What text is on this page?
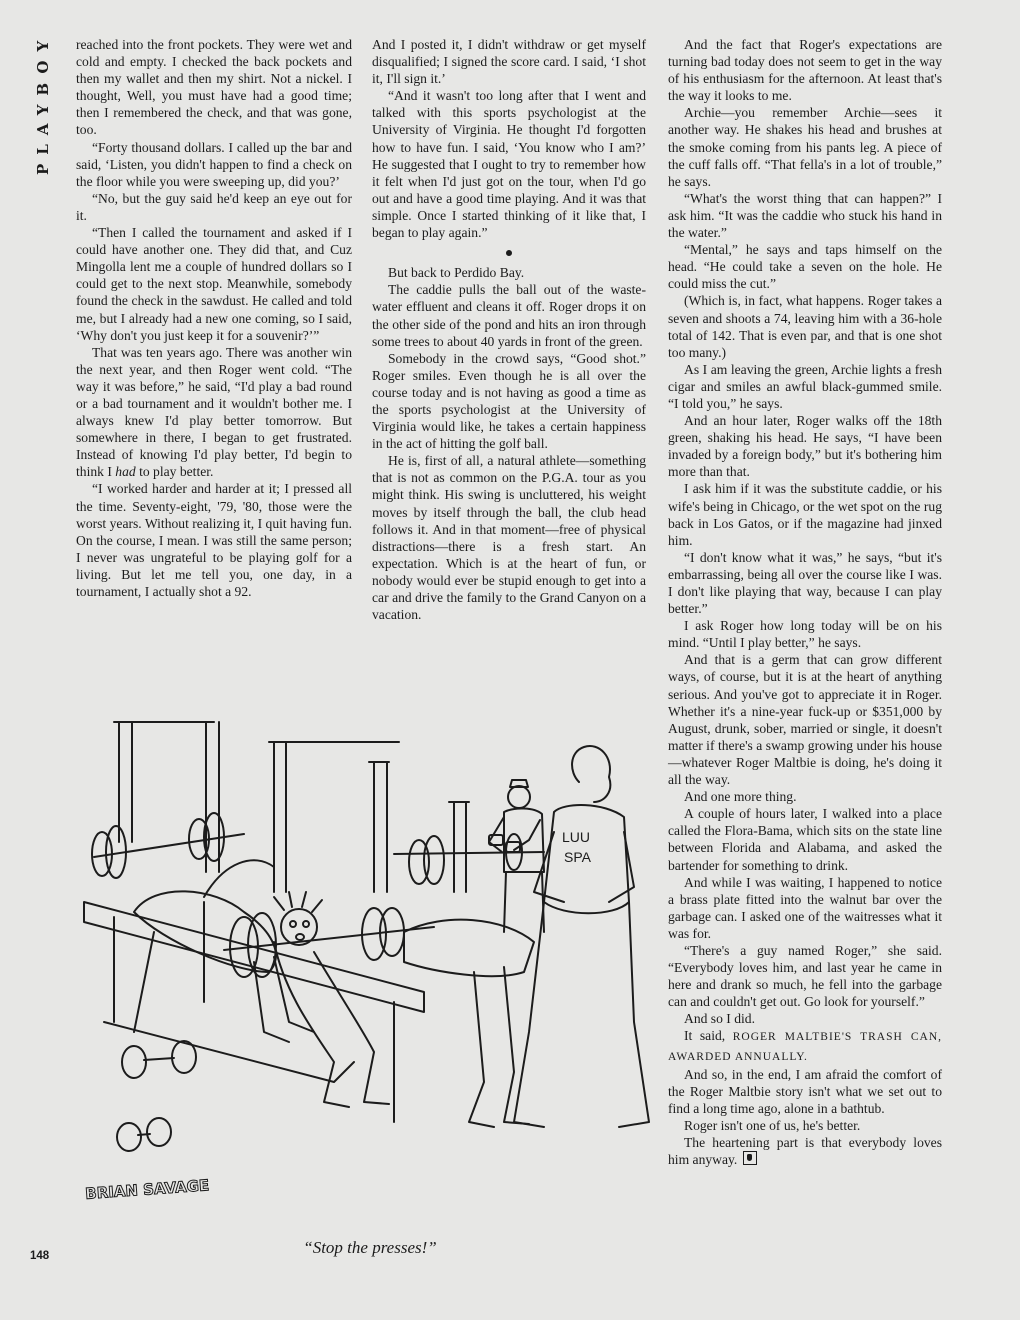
PLAYBOY reached into the front pockets. They were wet and cold and empty. I checked the back pockets and then my wallet and then my shirt. Not a nickel. I thought, Well, you must have had a good time; then I remembered the check, and that was gone, too.

“Forty thousand dollars. I called up the bar and said, ‘Listen, you didn't happen to find a check on the floor while you were sweeping up, did you?’

“No, but the guy said he'd keep an eye out for it.

“Then I called the tournament and asked if I could have another one. They did that, and Cuz Mingolla lent me a couple of hundred dollars so I could get to the next stop. Meanwhile, somebody found the check in the sawdust. He called and told me, but I already had a new one coming, so I said, ‘Why don't you just keep it for a souvenir?’”

That was ten years ago. There was another win the next year, and then Roger went cold. “The way it was before,” he said, “I'd play a bad round or a bad tournament and it wouldn't bother me. I always knew I'd play better tomorrow. But somewhere in there, I began to get frustrated. Instead of knowing I'd play better, I'd begin to think I had to play better.

“I worked harder and harder at it; I pressed all the time. Seventy-eight, '79, '80, those were the worst years. Without realizing it, I quit having fun. On the course, I mean. I was still the same person; I never was ungrateful to be playing golf for a living. But let me tell you, one day, in a tournament, I actually shot a 92.

And I posted it, I didn't withdraw or get myself disqualified; I signed the score card. I said, ‘I shot it, I'll sign it.’

“And it wasn't too long after that I went and talked with this sports psychologist at the University of Virginia. He thought I'd forgotten how to have fun. I said, ‘You know who I am?’ He suggested that I ought to try to remember how it felt when I'd just got on the tour, when I'd go out and have a good time playing. And it was that simple. Once I started thinking of it like that, I began to play again.”

But back to Perdido Bay.

The caddie pulls the ball out of the waste-water effluent and cleans it off. Roger drops it on the other side of the pond and hits an iron through some trees to about 40 yards in front of the green.

Somebody in the crowd says, “Good shot.” Roger smiles. Even though he is all over the course today and is not having as good a time as the sports psychologist at the University of Virginia would like, he takes a certain happiness in the act of hitting the golf ball.

He is, first of all, a natural athlete—something that is not as common on the P.G.A. tour as you might think. His swing is uncluttered, his weight moves by itself through the ball, the club head follows it. And in that moment—free of physical distractions—there is a fresh start. An expectation. Which is at the heart of fun, or nobody would ever be stupid enough to get into a car and drive the family to the Grand Canyon on a vacation.

And the fact that Roger's expectations are turning bad today does not seem to get in the way of his enthusiasm for the afternoon. At least that's the way it looks to me.

Archie—you remember Archie—sees it another way. He shakes his head and brushes at the smoke coming from his pants leg. A piece of the cuff falls off. “That fella's in a lot of trouble,” he says.

“What's the worst thing that can happen?” I ask him. “It was the caddie who stuck his hand in the water.”

“Mental,” he says and taps himself on the head. “He could take a seven on the hole. He could miss the cut.”

(Which is, in fact, what happens. Roger takes a seven and shoots a 74, leaving him with a 36-hole total of 142. That is even par, and that is one shot too many.)

As I am leaving the green, Archie lights a fresh cigar and smiles an awful black-gummed smile. “I told you,” he says.

And an hour later, Roger walks off the 18th green, shaking his head. He says, “I have been invaded by a foreign body,” but it's bothering him more than that.

I ask him if it was the substitute caddie, or his wife's being in Chicago, or the wet spot on the rug back in Los Gatos, or if the magazine had jinxed him.

“I don't know what it was,” he says, “but it's embarrassing, being all over the course like I was. I don't like playing that way, because I can play better.”

I ask Roger how long today will be on his mind. “Until I play better,” he says.

And that is a germ that can grow different ways, of course, but it is at the heart of anything serious. And you've got to appreciate it in Roger. Whether it's a nine-year fuck-up or $351,000 by August, drunk, sober, married or single, it doesn't matter if there's a swamp growing under his house—whatever Roger Maltbie is doing, he's doing it all the way.

And one more thing.

A couple of hours later, I walked into a place called the Flora-Bama, which sits on the state line between Florida and Alabama, and asked the bartender for something to drink.

And while I was waiting, I happened to notice a brass plate fitted into the walnut bar over the garbage can. I asked one of the waitresses what it was for.

“There's a guy named Roger,” she said. “Everybody loves him, and last year he came in here and drank so much, he fell into the garbage can and couldn't get out. Go look for yourself.”

And so I did.

It said, ROGER MALTBIE'S TRASH CAN, AWARDED ANNUALLY.

And so, in the end, I am afraid the comfort of the Roger Maltbie story isn't what we set out to find a long time ago, alone in a bathtub.

Roger isn't one of us, he's better.

The heartening part is that everybody loves him anyway.

LUU
SPA
BRIAN SAVAGE
“Stop the presses!”
148
